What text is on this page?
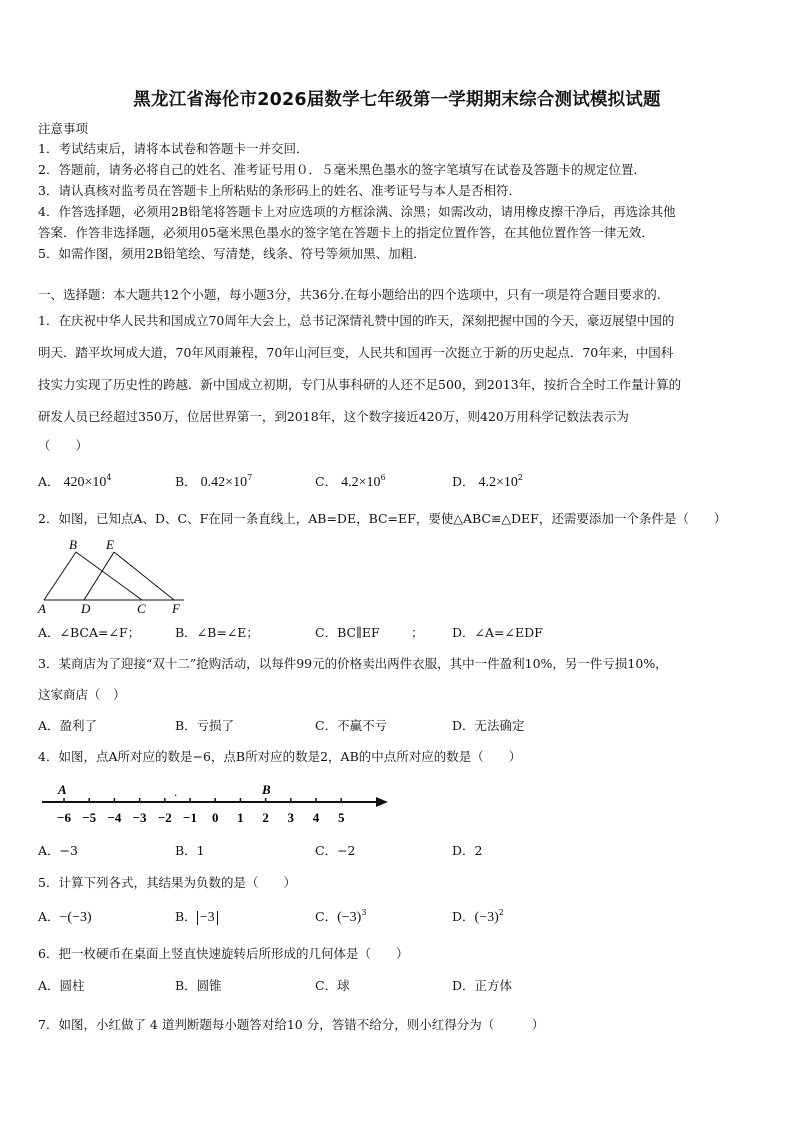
黑龙江省海伦市2026届数学七年级第一学期期末综合测试模拟试题
注意事项
1．考试结束后，请将本试卷和答题卡一并交回．
2．答题前，请务必将自己的姓名、准考证号用０．５毫米黑色墨水的签字笔填写在试卷及答题卡的规定位置．
3．请认真核对监考员在答题卡上所粘贴的条形码上的姓名、准考证号与本人是否相符．
4．作答选择题，必须用2B铅笔将答题卡上对应选项的方框涂满、涂黑；如需改动，请用橡皮擦干净后，再选涂其他
答案．作答非选择题，必须用05毫米黑色墨水的签字笔在答题卡上的指定位置作答，在其他位置作答一律无效．
5．如需作图，须用2B铅笔绘、写清楚，线条、符号等须加黑、加粗．
一、选择题：本大题共12个小题，每小题3分，共36分.在每小题给出的四个选项中，只有一项是符合题目要求的.
1．在庆祝中华人民共和国成立70周年大会上，总书记深情礼赞中国的昨天，深刻把握中国的今天，豪迈展望中国的
明天．踏平坎坷成大道，70年风雨兼程，70年山河巨变，人民共和国再一次挺立于新的历史起点．70年来，中国科
技实力实现了历史性的跨越．新中国成立初期，专门从事科研的人还不足500，到2013年，按折合全时工作量计算的
研发人员已经超过350万，位居世界第一，到2018年，这个数字接近420万，则420万用科学记数法表示为
（　　）
A． $420\times 10^4$	B． $0.42\times 10^7$	C． $4.2\times 10^6$	D． $4.2\times 10^2$
2．如图，已知点A、D、C、F在同一条直线上，AB=DE，BC=EF，要使△ABC≌△DEF，还需要添加一个条件是（　　）
B E
A	D	C F
A．∠BCA=∠F；	B．∠B=∠E；	C．BC∥EF	； D．∠A=∠EDF
3．某商店为了迎接“双十二”抢购活动，以每件99元的价格卖出两件衣服，其中一件盈利10%，另一件亏损10%，
这家商店（　）
A．盈利了	B．亏损了	C．不赢不亏	D．无法确定
4．如图，点A所对应的数是−6，点B所对应的数是2，AB的中点所对应的数是（　　）
−6 −5 −4 −3 −2 −1 0 1 2 3 4 5
A	B
.
A．−3	B．1	C．−2	D．2
5．计算下列各式，其结果为负数的是（　　）
A．−(−3)	B． −3	C．$(-3)^3$	D．$(-3)^2$
6．把一枚硬币在桌面上竖直快速旋转后所形成的几何体是（　　）
A．圆柱	B．圆锥	C．球	D．正方体
7．如图，小红做了 4 道判断题每小题答对给10 分，答错不给分，则小红得分为（　　　）
